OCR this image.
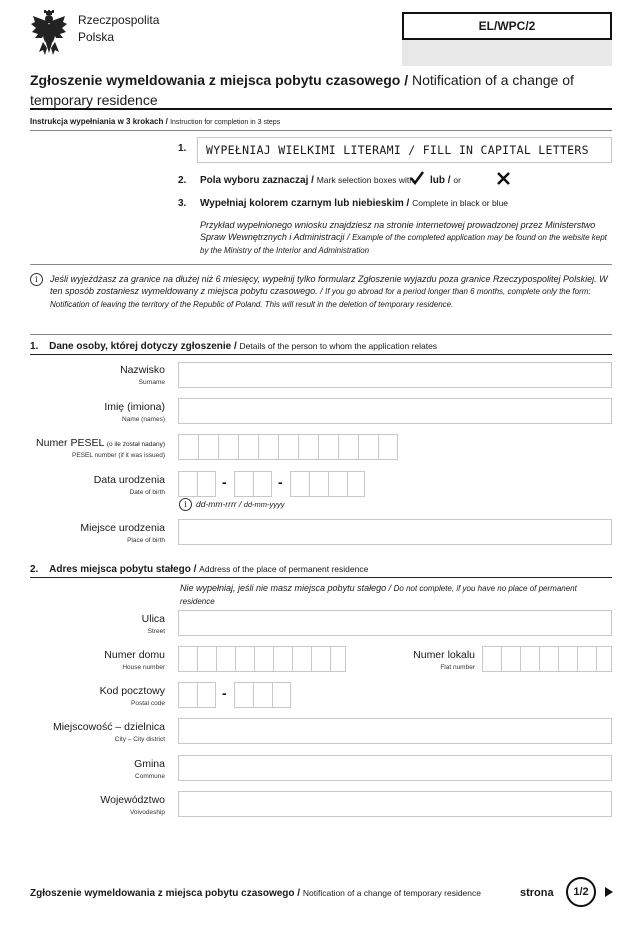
Rzeczpospolita
Polska
EL/WPC/2
Zgłoszenie wymeldowania z miejsca pobytu czasowego / Notification of a change of temporary residence
Instrukcja wypełniania w 3 krokach / Instruction for completion in 3 steps
1. WYPEŁNIAJ WIELKIMI LITERAMI / FILL IN CAPITAL LETTERS
2. Pola wyboru zaznaczaj / Mark selection boxes with lub / or
3. Wypełniaj kolorem czarnym lub niebieskim / Complete in black or blue
Przykład wypełnionego wniosku znajdziesz na stronie internetowej prowadzonej przez Ministerstwo Spraw Wewnętrznych i Administracji / Example of the completed application may be found on the website kept by the Ministry of the Interior and Administration
i	Jeśli wyjeżdżasz za granice na dłużej niż 6 miesięcy, wypełnij tylko formularz Zgłoszenie wyjazdu poza granice Rzeczypospolitej Polskiej. W ten sposób zostaniesz wymeldowany z miejsca pobytu czasowego. / If you go abroad for a period longer than 6 months, complete only the form: Notification of leaving the territory of the Republic of Poland. This will result in the deletion of temporary residence.
1. Dane osoby, której dotyczy zgłoszenie / Details of the person to whom the application relates
Nazwisko
Surname
Imię (imiona)
Name (names)
Numer PESEL (o ile został nadany)
PESEL number (if it was issued)
Data urodzenia
Date of birth
-	-
i	dd-mm-rrrr / dd-mm-yyyy
Miejsce urodzenia
Place of birth
2. Adres miejsca pobytu stałego / Address of the place of permanent residence
Nie wypełniaj, jeśli nie masz miejsca pobytu stałego / Do not complete, if you have no place of permanent residence
Ulica
Street
Numer domu
House number
Numer lokalu
Flat number
Kod pocztowy
Postal code
-
Miejscowość – dzielnica
City – City district
Gmina
Commune
Województwo
Voivodeship
Zgłoszenie wymeldowania z miejsca pobytu czasowego / Notification of a change of temporary residence	strona	1/2
